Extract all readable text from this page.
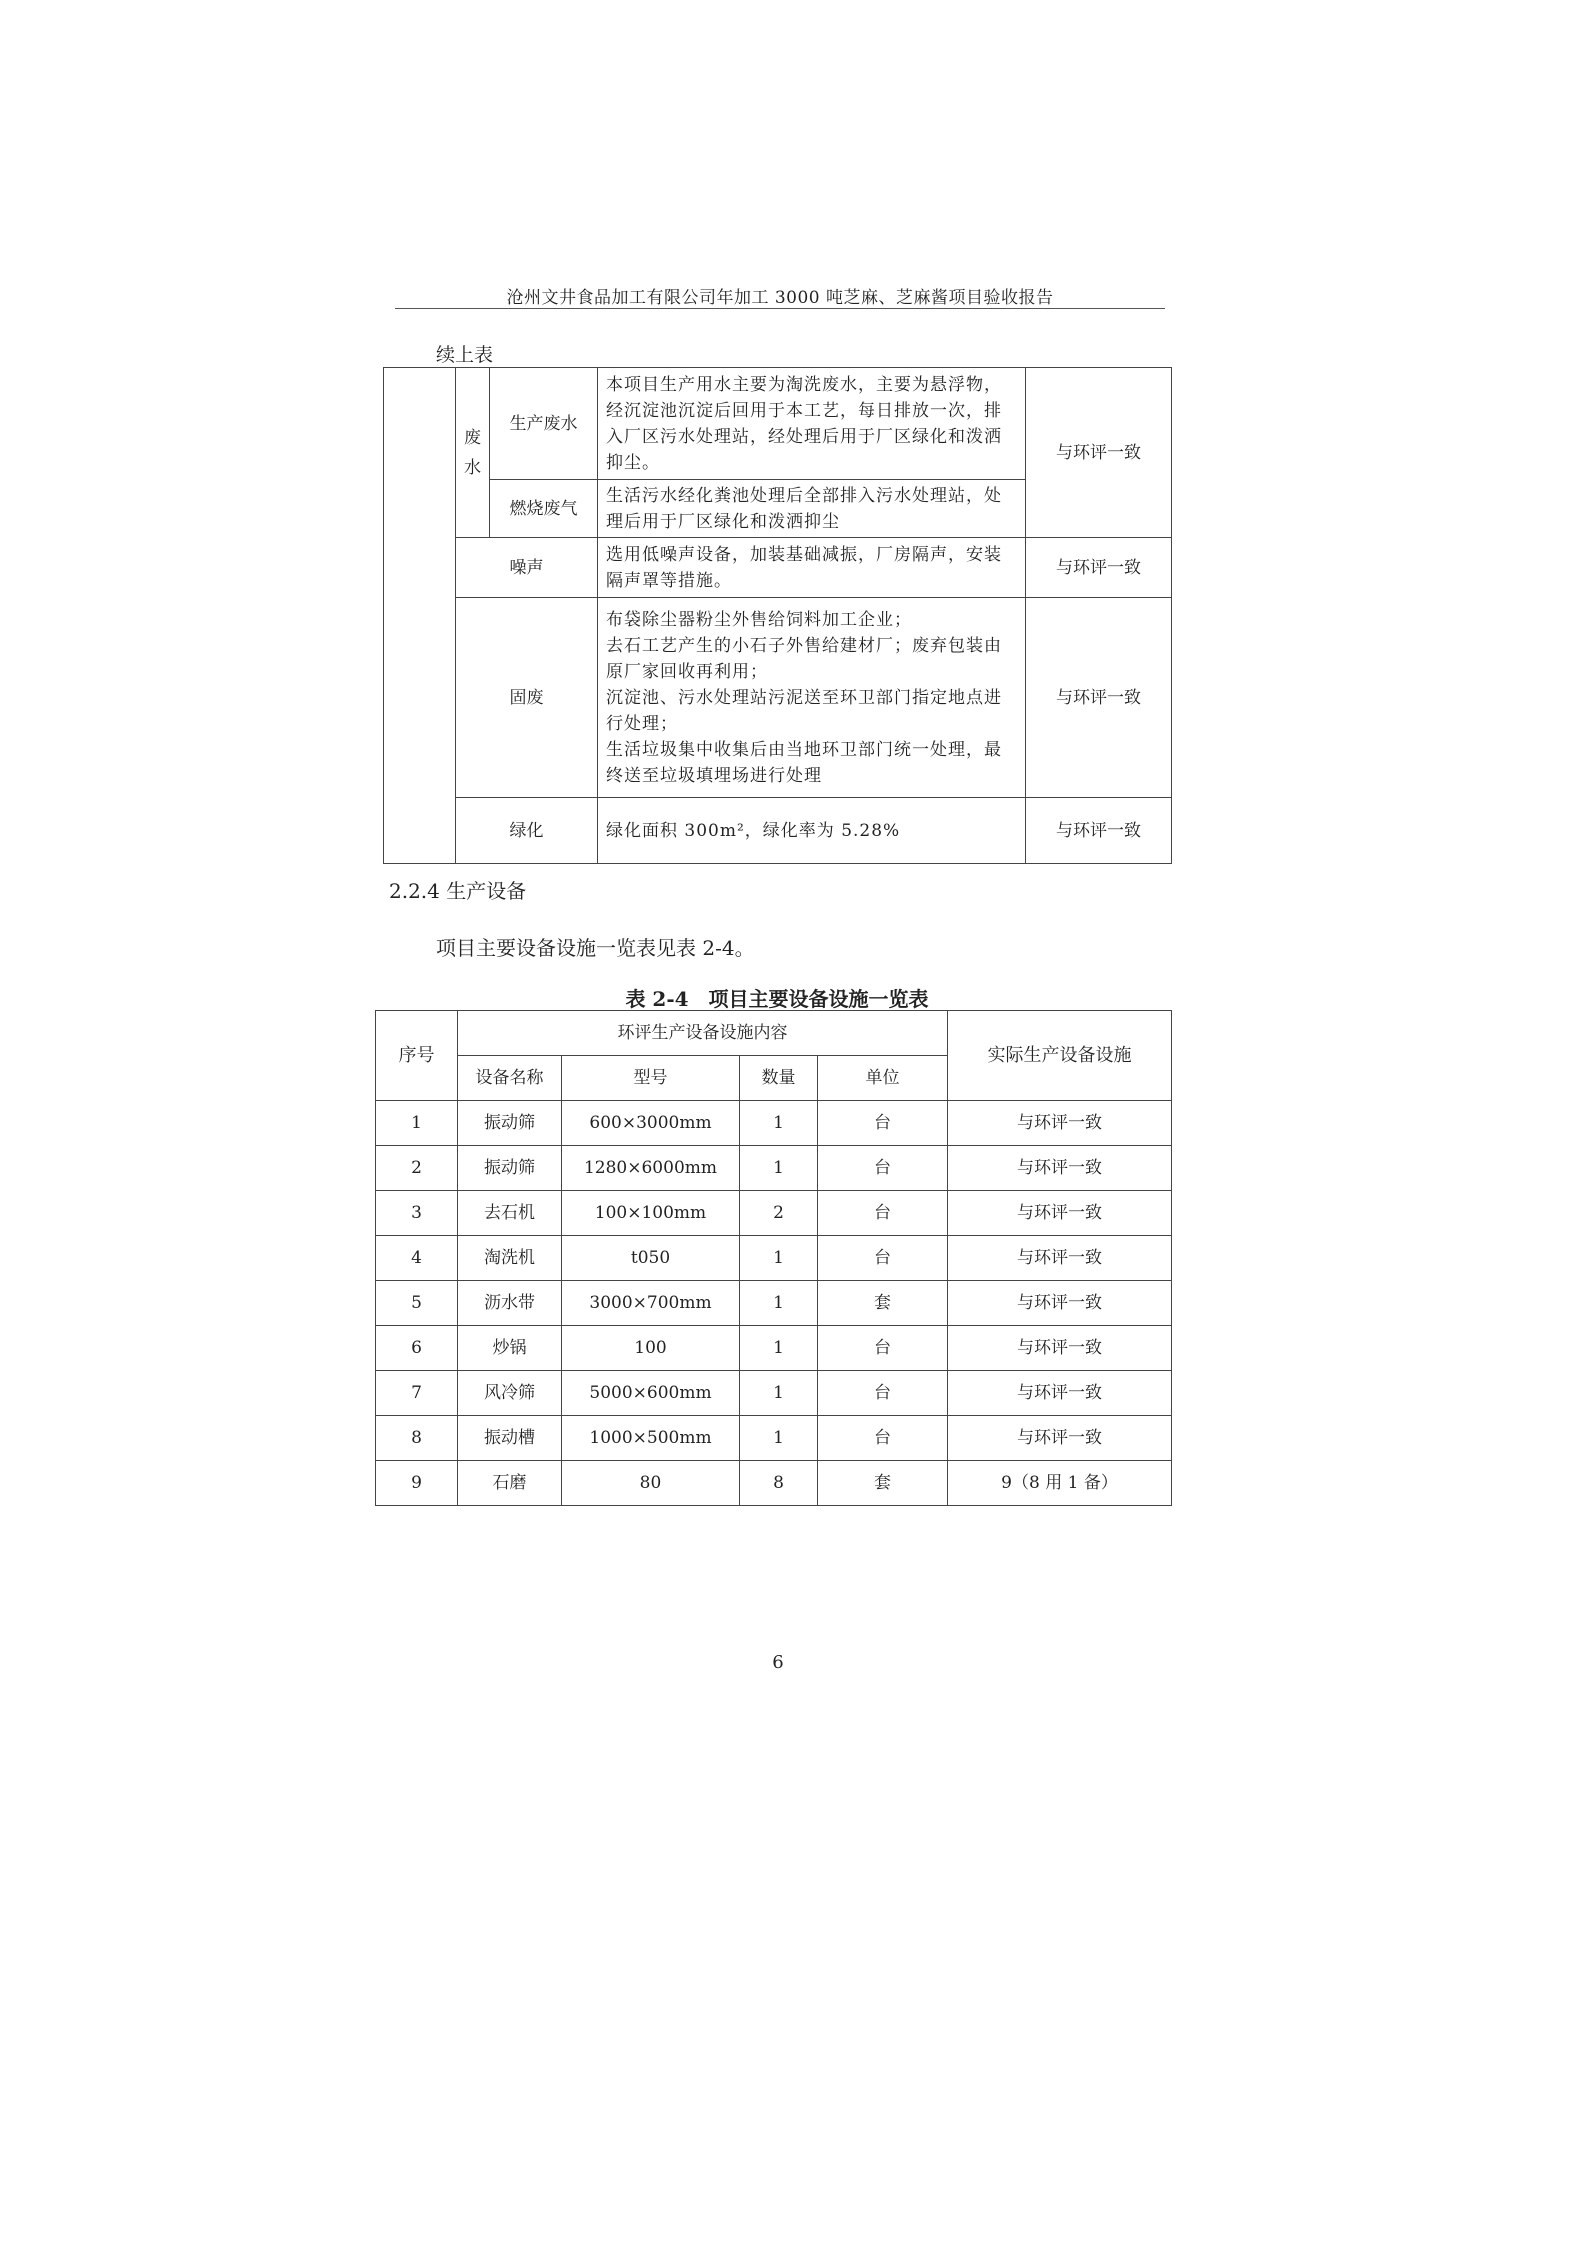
沧州文井食品加工有限公司年加工 3000 吨芝麻、芝麻酱项目验收报告
续上表
	废水	生产废水	本项目生产用水主要为淘洗废水，主要为悬浮物，经沉淀池沉淀后回用于本工艺，每日排放一次，排入厂区污水处理站，经处理后用于厂区绿化和泼洒抑尘。	与环评一致
		燃烧废气	生活污水经化粪池处理后全部排入污水处理站，处理后用于厂区绿化和泼洒抑尘	
	噪声		选用低噪声设备，加装基础减振，厂房隔声，安装隔声罩等措施。	与环评一致
	固废		布袋除尘器粉尘外售给饲料加工企业；
去石工艺产生的小石子外售给建材厂；废弃包装由原厂家回收再利用；
沉淀池、污水处理站污泥送至环卫部门指定地点进行处理；
生活垃圾集中收集后由当地环卫部门统一处理，最终送至垃圾填埋场进行处理	与环评一致
	绿化		绿化面积 300m²，绿化率为 5.28%	与环评一致
2.2.4 生产设备
项目主要设备设施一览表见表 2-4。
表 2-4　项目主要设备设施一览表
序号	环评生产设备设施内容				实际生产设备设施
	设备名称	型号	数量	单位	
1	振动筛	600×3000mm	1	台	与环评一致
2	振动筛	1280×6000mm	1	台	与环评一致
3	去石机	100×100mm	2	台	与环评一致
4	淘洗机	t050	1	台	与环评一致
5	沥水带	3000×700mm	1	套	与环评一致
6	炒锅	100	1	台	与环评一致
7	风冷筛	5000×600mm	1	台	与环评一致
8	振动槽	1000×500mm	1	台	与环评一致
9	石磨	80	8	套	9（8 用 1 备）
6
